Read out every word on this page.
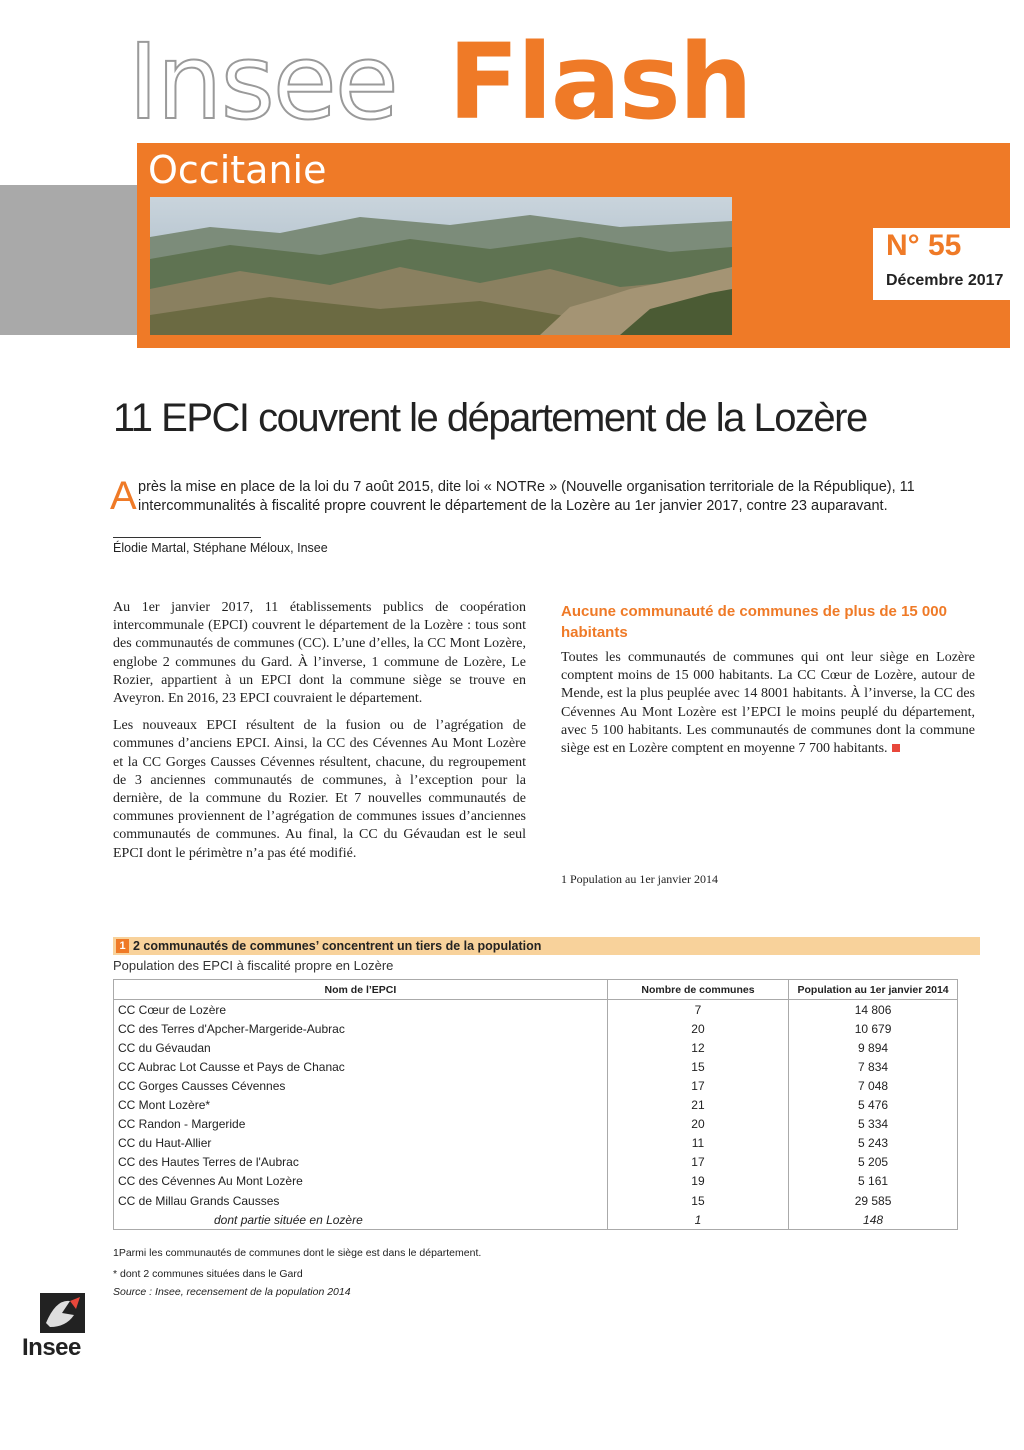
Insee Flash
Occitanie
N° 55
Décembre 2017
11 EPCI couvrent le département de la Lozère
A près la mise en place de la loi du 7 août 2015, dite loi « NOTRe » (Nouvelle organisation territoriale de la République), 11 intercommunalités à fiscalité propre couvrent le département de la Lozère au 1er janvier 2017, contre 23 auparavant.
Élodie Martal, Stéphane Méloux, Insee

Au 1er janvier 2017, 11 établissements publics de coopération intercommunale (EPCI) couvrent le département de la Lozère : tous sont des communautés de communes (CC). L’une d’elles, la CC Mont Lozère, englobe 2 communes du Gard. À l’inverse, 1 commune de Lozère, Le Rozier, appartient à un EPCI dont la commune siège se trouve en Aveyron. En 2016, 23 EPCI couvraient le département.

Les nouveaux EPCI résultent de la fusion ou de l’agrégation de communes d’anciens EPCI. Ainsi, la CC des Cévennes Au Mont Lozère et la CC Gorges Causses Cévennes résultent, chacune, du regroupement de 3 anciennes communautés de communes, à l’exception pour la dernière, de la commune du Rozier. Et 7 nouvelles communautés de communes proviennent de l’agrégation de communes issues d’anciennes communautés de communes. Au final, la CC du Gévaudan est le seul EPCI dont le périmètre n’a pas été modifié.

Aucune communauté de communes de plus de 15 000 habitants

Toutes les communautés de communes qui ont leur siège en Lozère comptent moins de 15 000 habitants. La CC Cœur de Lozère, autour de Mende, est la plus peuplée avec 14 8001 habitants. À l’inverse, la CC des Cévennes Au Mont Lozère est l’EPCI le moins peuplé du département, avec 5 100 habitants. Les communautés de communes dont la commune siège est en Lozère comptent en moyenne 7 700 habitants.

1 Population au 1er janvier 2014
1 2 communautés de communes’ concentrent un tiers de la population
Population des EPCI à fiscalité propre en Lozère
Nom de l’EPCI	Nombre de communes	Population au 1er janvier 2014
CC Cœur de Lozère	7	14 806
CC des Terres d'Apcher-Margeride-Aubrac	20	10 679
CC du Gévaudan	12	9 894
CC Aubrac Lot Causse et Pays de Chanac	15	7 834
CC Gorges Causses Cévennes	17	7 048
CC Mont Lozère*	21	5 476
CC Randon - Margeride	20	5 334
CC du Haut-Allier	11	5 243
CC des Hautes Terres de l'Aubrac	17	5 205
CC des Cévennes Au Mont Lozère	19	5 161
CC de Millau Grands Causses	15	29 585
dont partie située en Lozère	1	148
1Parmi les communautés de communes dont le siège est dans le département.
* dont 2 communes situées dans le Gard
Source : Insee, recensement de la population 2014
Insee
